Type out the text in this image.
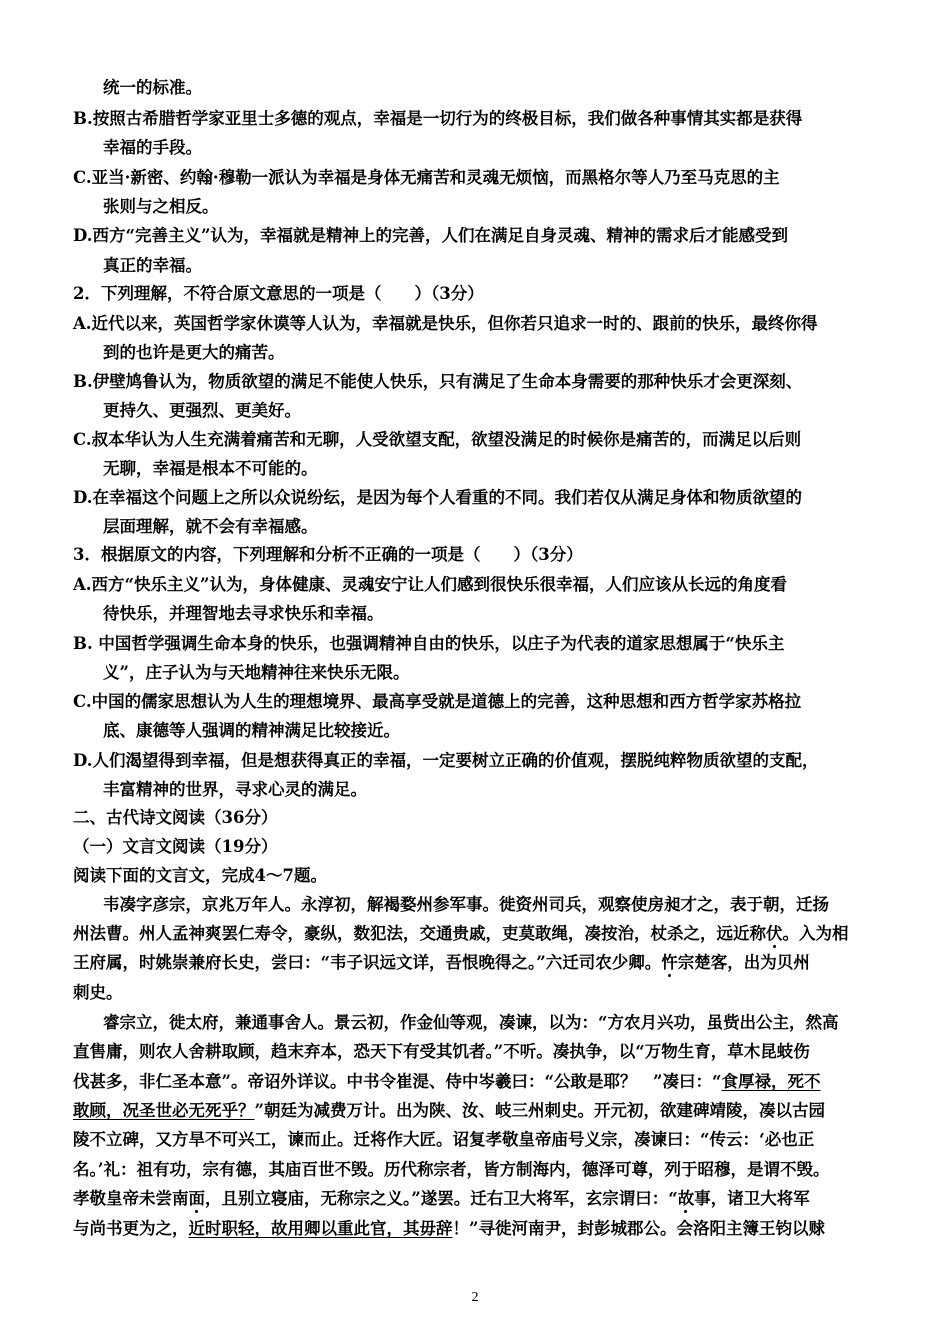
统一的标准。
B.按照古希腊哲学家亚里士多德的观点，幸福是一切行为的终极目标，我们做各种事情其实都是获得
幸福的手段。
C.亚当·新密、约翰·穆勒一派认为幸福是身体无痛苦和灵魂无烦恼，而黑格尔等人乃至马克思的主
张则与之相反。
D.西方“完善主义”认为，幸福就是精神上的完善，人们在满足自身灵魂、精神的需求后才能感受到
真正的幸福。
2．下列理解，不符合原文意思的一项是（　　）（3分）
A.近代以来，英国哲学家休谟等人认为，幸福就是快乐，但你若只追求一时的、跟前的快乐，最终你得
到的也许是更大的痛苦。
B.伊壁鸠鲁认为，物质欲望的满足不能使人快乐，只有满足了生命本身需要的那种快乐才会更深刻、
更持久、更强烈、更美好。
C.叔本华认为人生充满着痛苦和无聊，人受欲望支配，欲望没满足的时候你是痛苦的，而满足以后则
无聊，幸福是根本不可能的。
D.在幸福这个问题上之所以众说纷纭，是因为每个人看重的不同。我们若仅从满足身体和物质欲望的
层面理解，就不会有幸福感。
3．根据原文的内容，下列理解和分析不正确的一项是（　　）（3分）
A.西方“快乐主义”认为，身体健康、灵魂安宁让人们感到很快乐很幸福，人们应该从长远的角度看
待快乐，并理智地去寻求快乐和幸福。
B. 中国哲学强调生命本身的快乐，也强调精神自由的快乐，以庄子为代表的道家思想属于“快乐主
义”，庄子认为与天地精神往来快乐无限。
C.中国的儒家思想认为人生的理想境界、最高享受就是道德上的完善，这种思想和西方哲学家苏格拉
底、康德等人强调的精神满足比较接近。
D.人们渴望得到幸福，但是想获得真正的幸福，一定要树立正确的价值观，摆脱纯粹物质欲望的支配，
丰富精神的世界，寻求心灵的满足。
二、古代诗文阅读（36分）
（一）文言文阅读（19分）
阅读下面的文言文，完成4～7题。
韦凑字彦宗，京兆万年人。永淳初，解褐婺州参军事。徙资州司兵，观察使房昶才之，表于朝，迁扬
州法曹。州人孟神爽罢仁寿令，豪纵，数犯法，交通贵戚，吏莫敢绳，凑按治，杖杀之，远近称伏。入为相
王府属，时姚崇兼府长史，尝曰：“韦子识远文详，吾恨晚得之。”六迁司农少卿。忤宗楚客，出为贝州
刺史。
睿宗立，徙太府，兼通事舍人。景云初，作金仙等观，凑谏，以为：“方农月兴功，虽赀出公主，然高
直售庸，则农人舍耕取顾，趋末弃本，恐天下有受其饥者。”不听。凑执争，以“万物生育，草木昆蚑伤
伐甚多，非仁圣本意”。帝诏外详议。中书令崔湜、侍中岑羲曰：“公敢是耶？　”凑曰：“食厚禄，死不
敢顾，况圣世必无死乎？”朝廷为减费万计。出为陕、汝、岐三州刺史。开元初，欲建碑靖陵，凑以古园
陵不立碑，又方旱不可兴工，谏而止。迁将作大匠。诏复孝敬皇帝庙号义宗，凑谏曰：“传云：‘必也正
名。’礼：祖有功，宗有德，其庙百世不毁。历代称宗者，皆方制海内，德泽可尊，列于昭穆，是谓不毁。
孝敬皇帝未尝南面，且别立寝庙，无称宗之义。”遂罢。迁右卫大将军，玄宗谓曰：“故事，诸卫大将军
与尚书更为之，近时职轻，故用卿以重此官，其毋辞！”寻徙河南尹，封彭城郡公。会洛阳主簿王钧以赇
2
